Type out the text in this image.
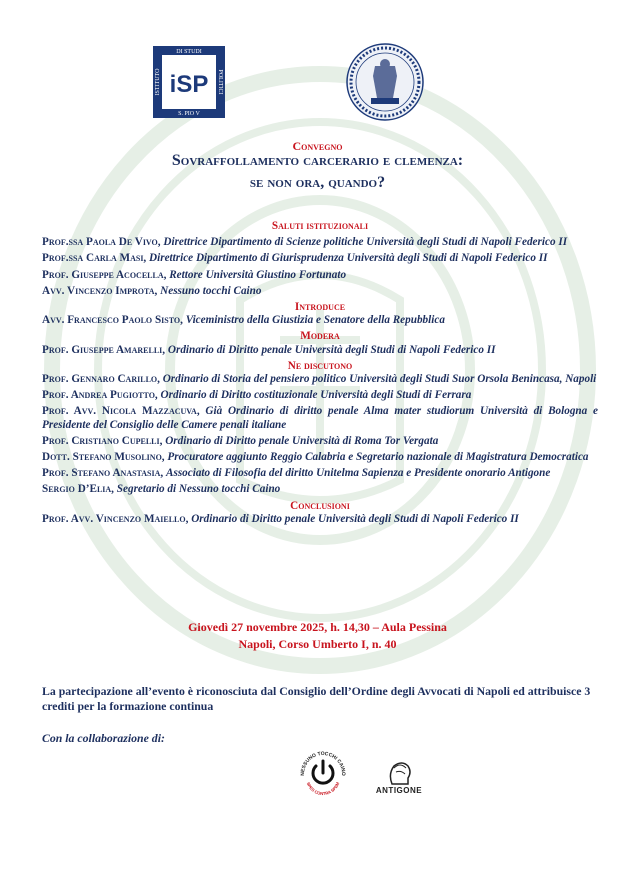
DI STUDI
S. PIO V
ISTITUTO	POLITICI
iSP
Convegno
Sovraffollamento carcerario e clemenza:
se non ora, quando?
Saluti istituzionali
Prof.ssa Paola De Vivo, Direttrice Dipartimento di Scienze politiche Università degli Studi di Napoli Federico II
Prof.ssa Carla Masi, Direttrice Dipartimento di Giurisprudenza Università degli Studi di Napoli Federico II
Prof. Giuseppe Acocella, Rettore Università Giustino Fortunato
Avv. Vincenzo Improta, Nessuno tocchi Caino
Introduce
Avv. Francesco Paolo Sisto, Viceministro della Giustizia e Senatore della Repubblica
Modera
Prof. Giuseppe Amarelli, Ordinario di Diritto penale Università degli Studi di Napoli Federico II
Ne discutono
Prof. Gennaro Carillo, Ordinario di Storia del pensiero politico Università degli Studi Suor Orsola Benincasa, Napoli
Prof. Andrea Pugiotto, Ordinario di Diritto costituzionale Università degli Studi di Ferrara
Prof. Avv. Nicola Mazzacuva, Già Ordinario di diritto penale Alma mater studiorum Università di Bologna e Presidente del Consiglio delle Camere penali italiane
Prof. Cristiano Cupelli, Ordinario di Diritto penale Università di Roma Tor Vergata
Dott. Stefano Musolino, Procuratore aggiunto Reggio Calabria e Segretario nazionale di Magistratura Democratica
Prof. Stefano Anastasia, Associato di Filosofia del diritto Unitelma Sapienza e Presidente onorario Antigone
Sergio D’Elia, Segretario di Nessuno tocchi Caino
Conclusioni
Prof. Avv. Vincenzo Maiello, Ordinario di Diritto penale Università degli Studi di Napoli Federico II
Giovedì 27 novembre 2025, h. 14,30 – Aula Pessina
Napoli, Corso Umberto I, n. 40
La partecipazione all’evento è riconosciuta dal Consiglio dell’Ordine degli Avvocati di Napoli ed attribuisce 3 crediti per la formazione continua
Con la collaborazione di:
NESSUNO TOCCHI CAINO
SPES CONTRA SPEM
ANTIGONE
